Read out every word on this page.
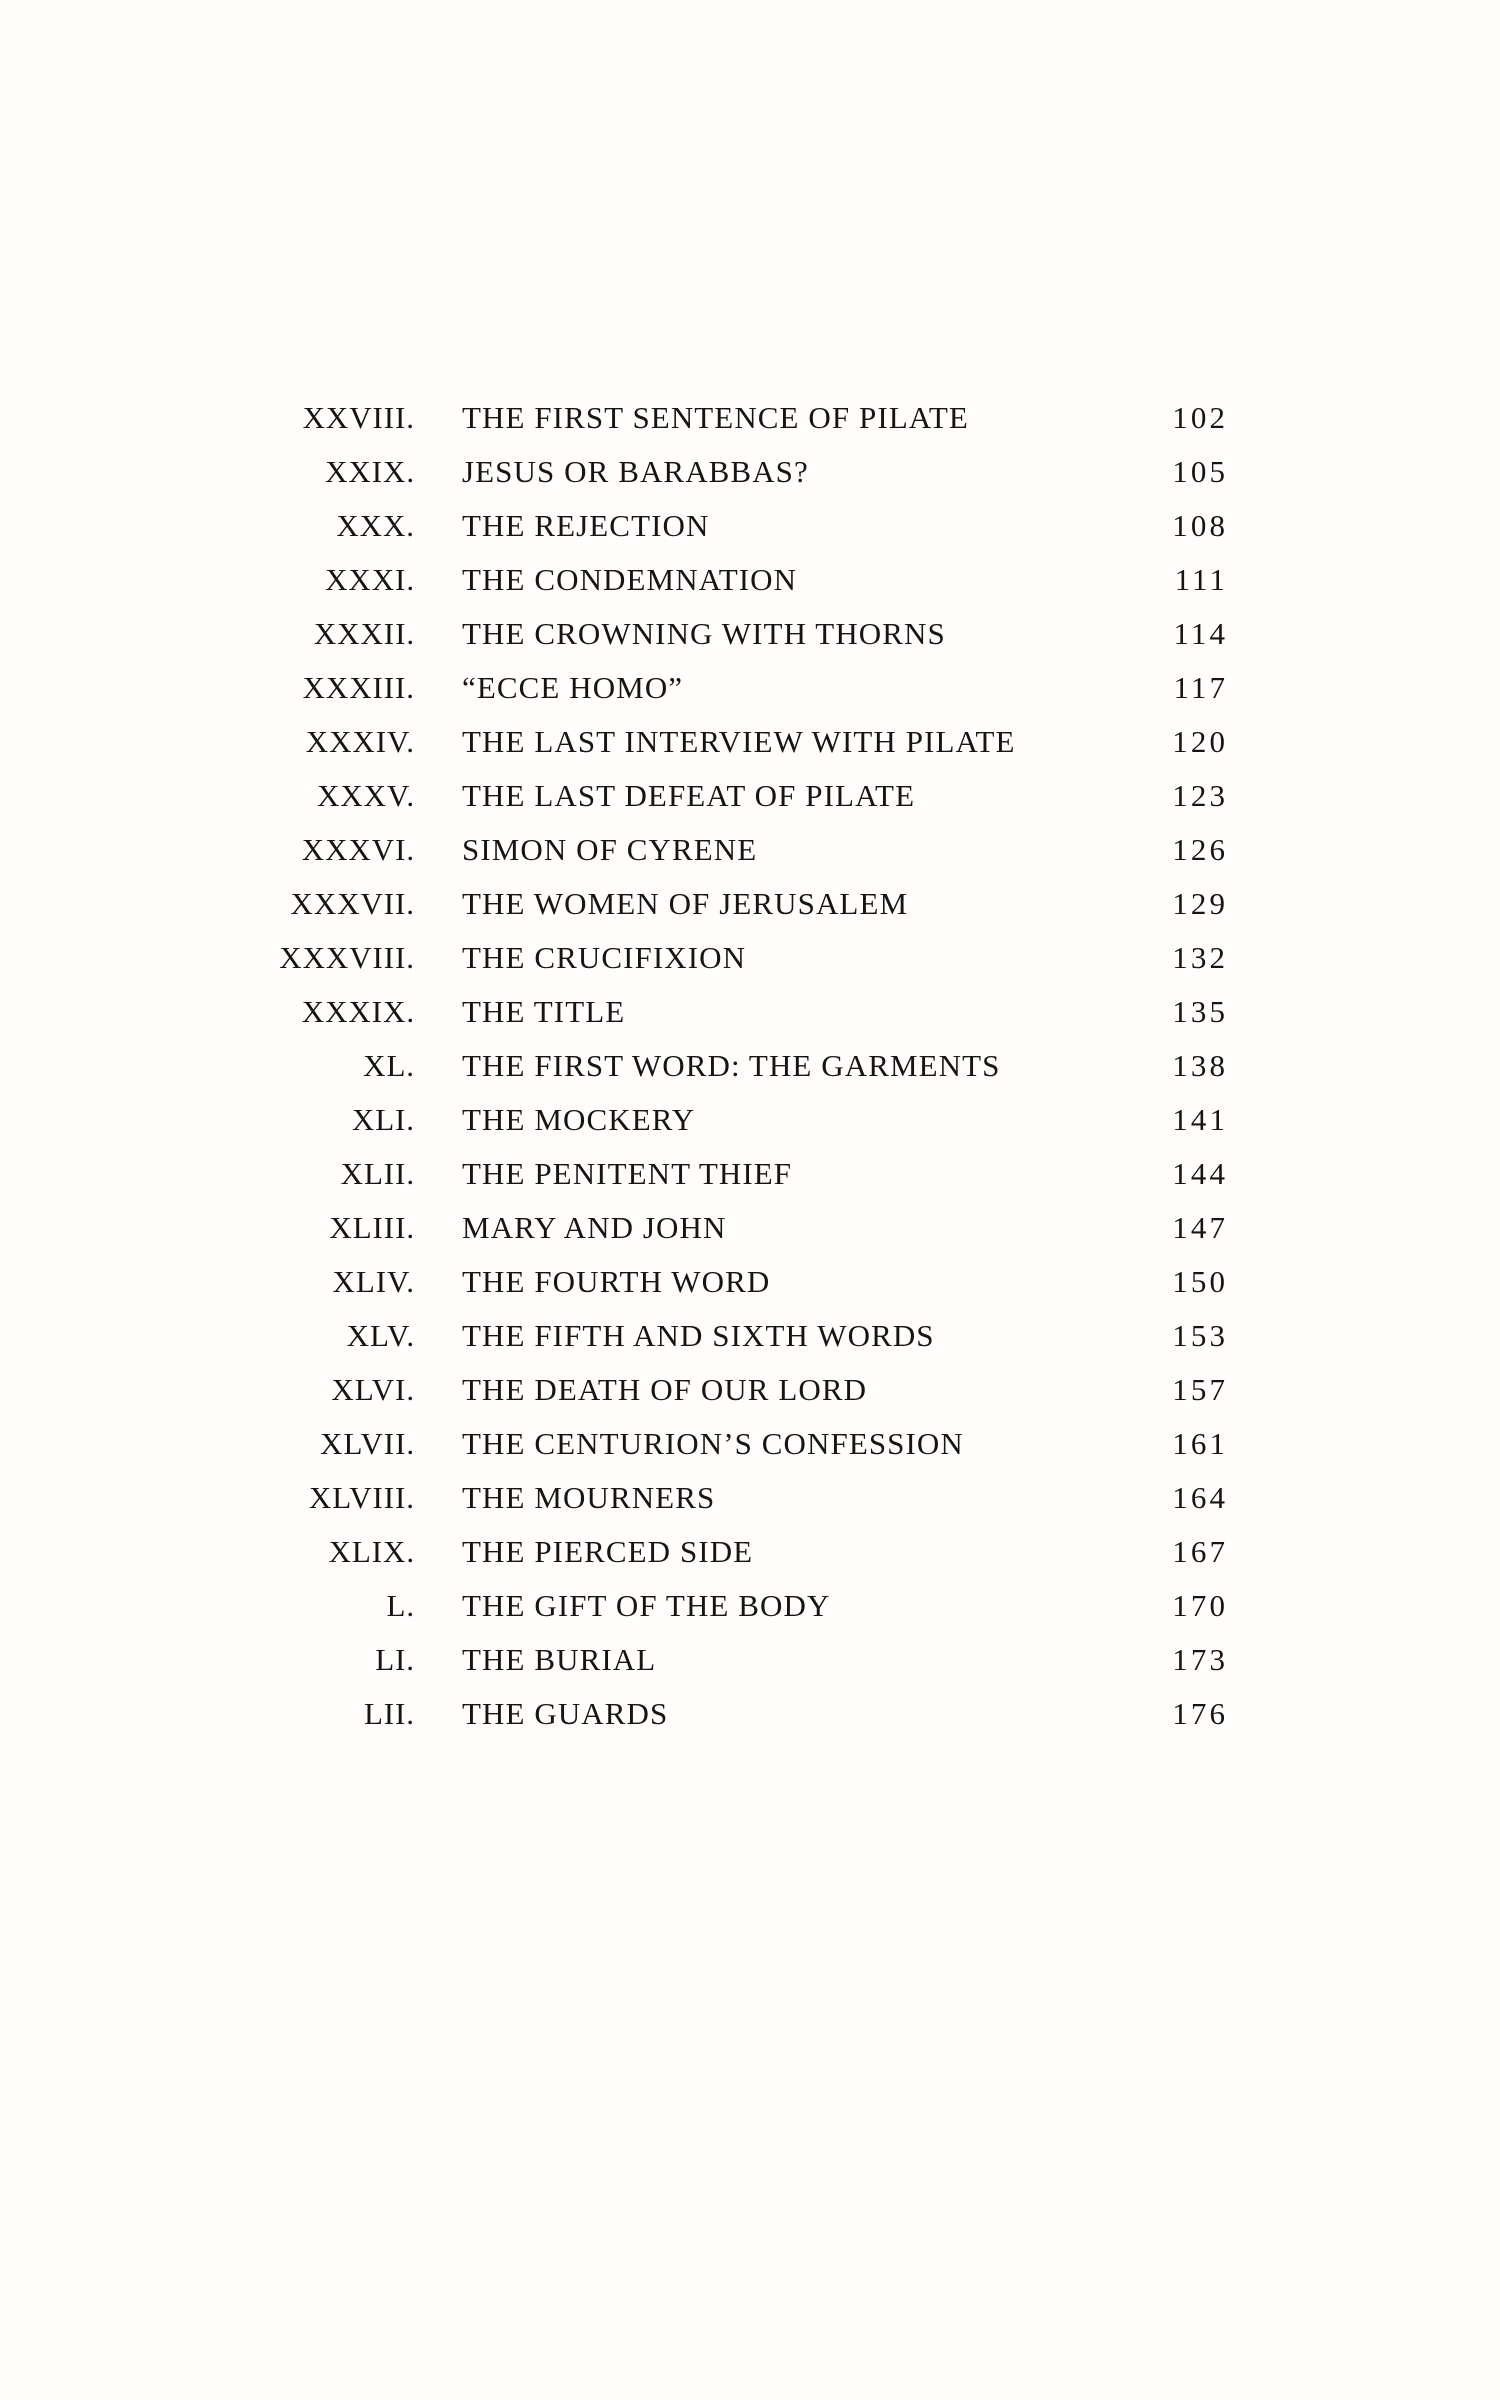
XXVIII. THE FIRST SENTENCE OF PILATE	102
XXIX. JESUS OR BARABBAS?	105
XXX. THE REJECTION	108
XXXI. THE CONDEMNATION	111
XXXII. THE CROWNING WITH THORNS	114
XXXIII. “ECCE HOMO”	117
XXXIV. THE LAST INTERVIEW WITH PILATE	120
XXXV. THE LAST DEFEAT OF PILATE	123
XXXVI. SIMON OF CYRENE	126
XXXVII. THE WOMEN OF JERUSALEM	129
XXXVIII. THE CRUCIFIXION	132
XXXIX. THE TITLE	135
XL. THE FIRST WORD: THE GARMENTS	138
XLI. THE MOCKERY	141
XLII. THE PENITENT THIEF	144
XLIII. MARY AND JOHN	147
XLIV. THE FOURTH WORD	150
XLV. THE FIFTH AND SIXTH WORDS	153
XLVI. THE DEATH OF OUR LORD	157
XLVII. THE CENTURION’S CONFESSION	161
XLVIII. THE MOURNERS	164
XLIX. THE PIERCED SIDE	167
L. THE GIFT OF THE BODY	170
LI. THE BURIAL	173
LII. THE GUARDS	176
